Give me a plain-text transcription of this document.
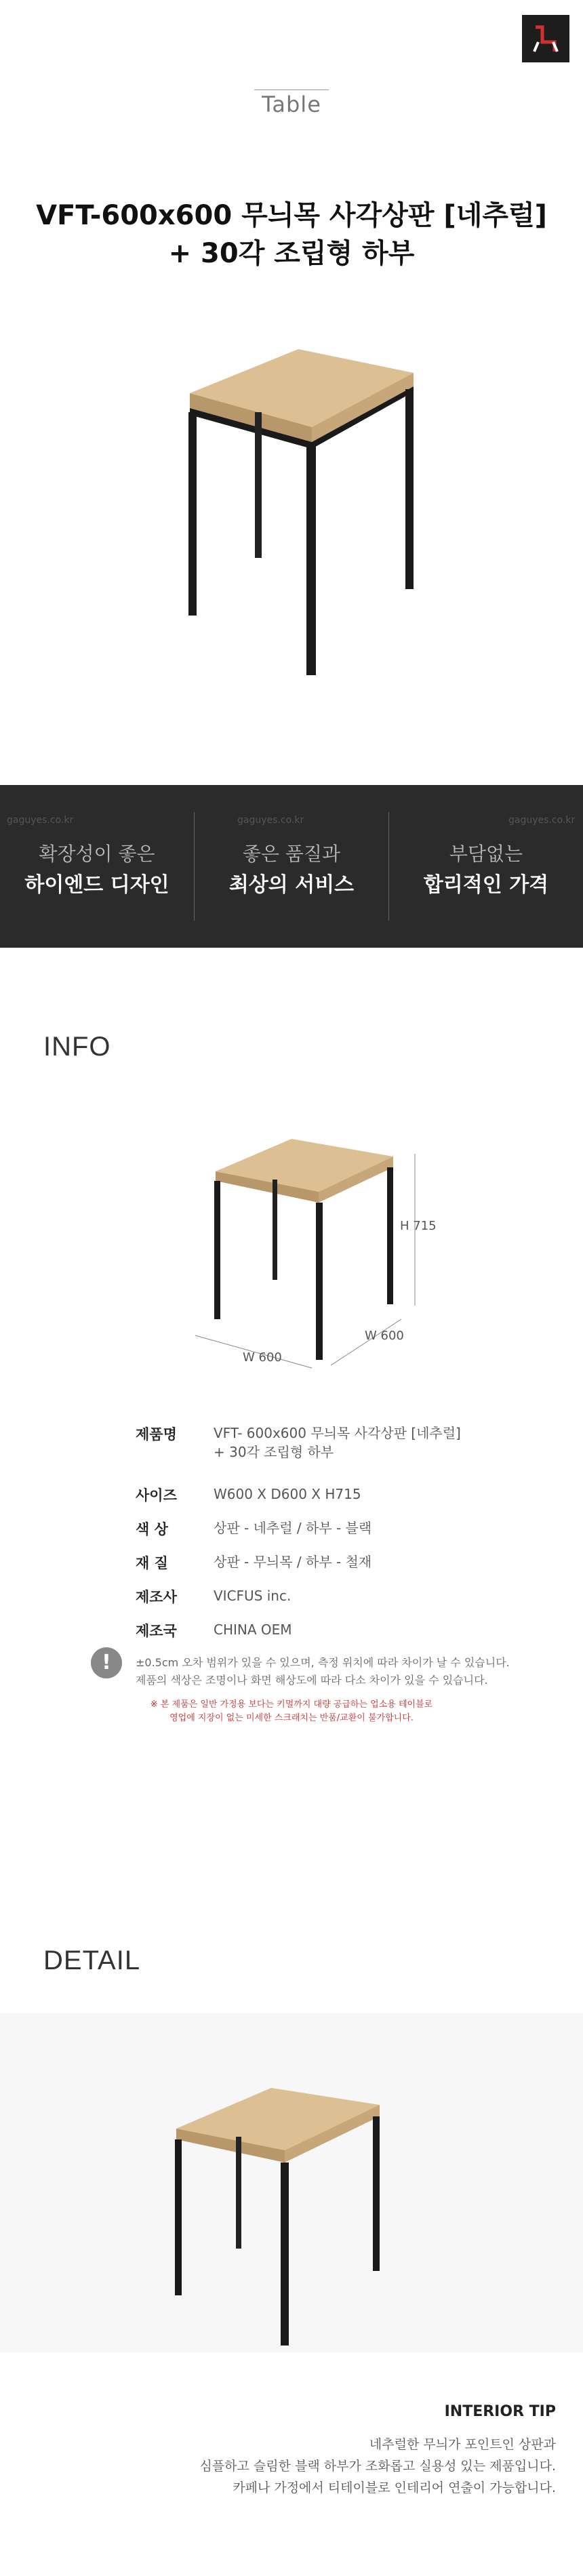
Table
VFT-600x600 무늬목 사각상판 [네추럴]
+ 30각 조립형 하부
gaguyes.co.kr	gaguyes.co.kr	gaguyes.co.kr
확장성이 좋은
하이엔드 디자인
좋은 품질과
최상의 서비스
부담없는
합리적인 가격
INFO
H 715
W 600
W 600
제품명	VFT- 600x600 무늬목 사각상판 [네추럴]
+ 30각 조립형 하부
사이즈	W600 X D600 X H715
색 상	상판 - 네추럴 / 하부 - 블랙
재 질	상판 - 무늬목 / 하부 - 철재
제조사	VICFUS inc.
제조국	CHINA OEM
!	±0.5cm 오차 범위가 있을 수 있으며, 측정 위치에 따라 차이가 날 수 있습니다.
제품의 색상은 조명이나 화면 해상도에 따라 다소 차이가 있을 수 있습니다.
※ 본 제품은 일반 가정용 보다는 키멀까지 대량 공급하는 업소용 테이블로
영업에 지장이 없는 미세한 스크래치는 반품/교환이 불가합니다.
DETAIL
INTERIOR TIP
네추럴한 무늬가 포인트인 상판과
심플하고 슬림한 블랙 하부가 조화롭고 실용성 있는 제품입니다.
카페나 가정에서 티테이블로 인테리어 연출이 가능합니다.
